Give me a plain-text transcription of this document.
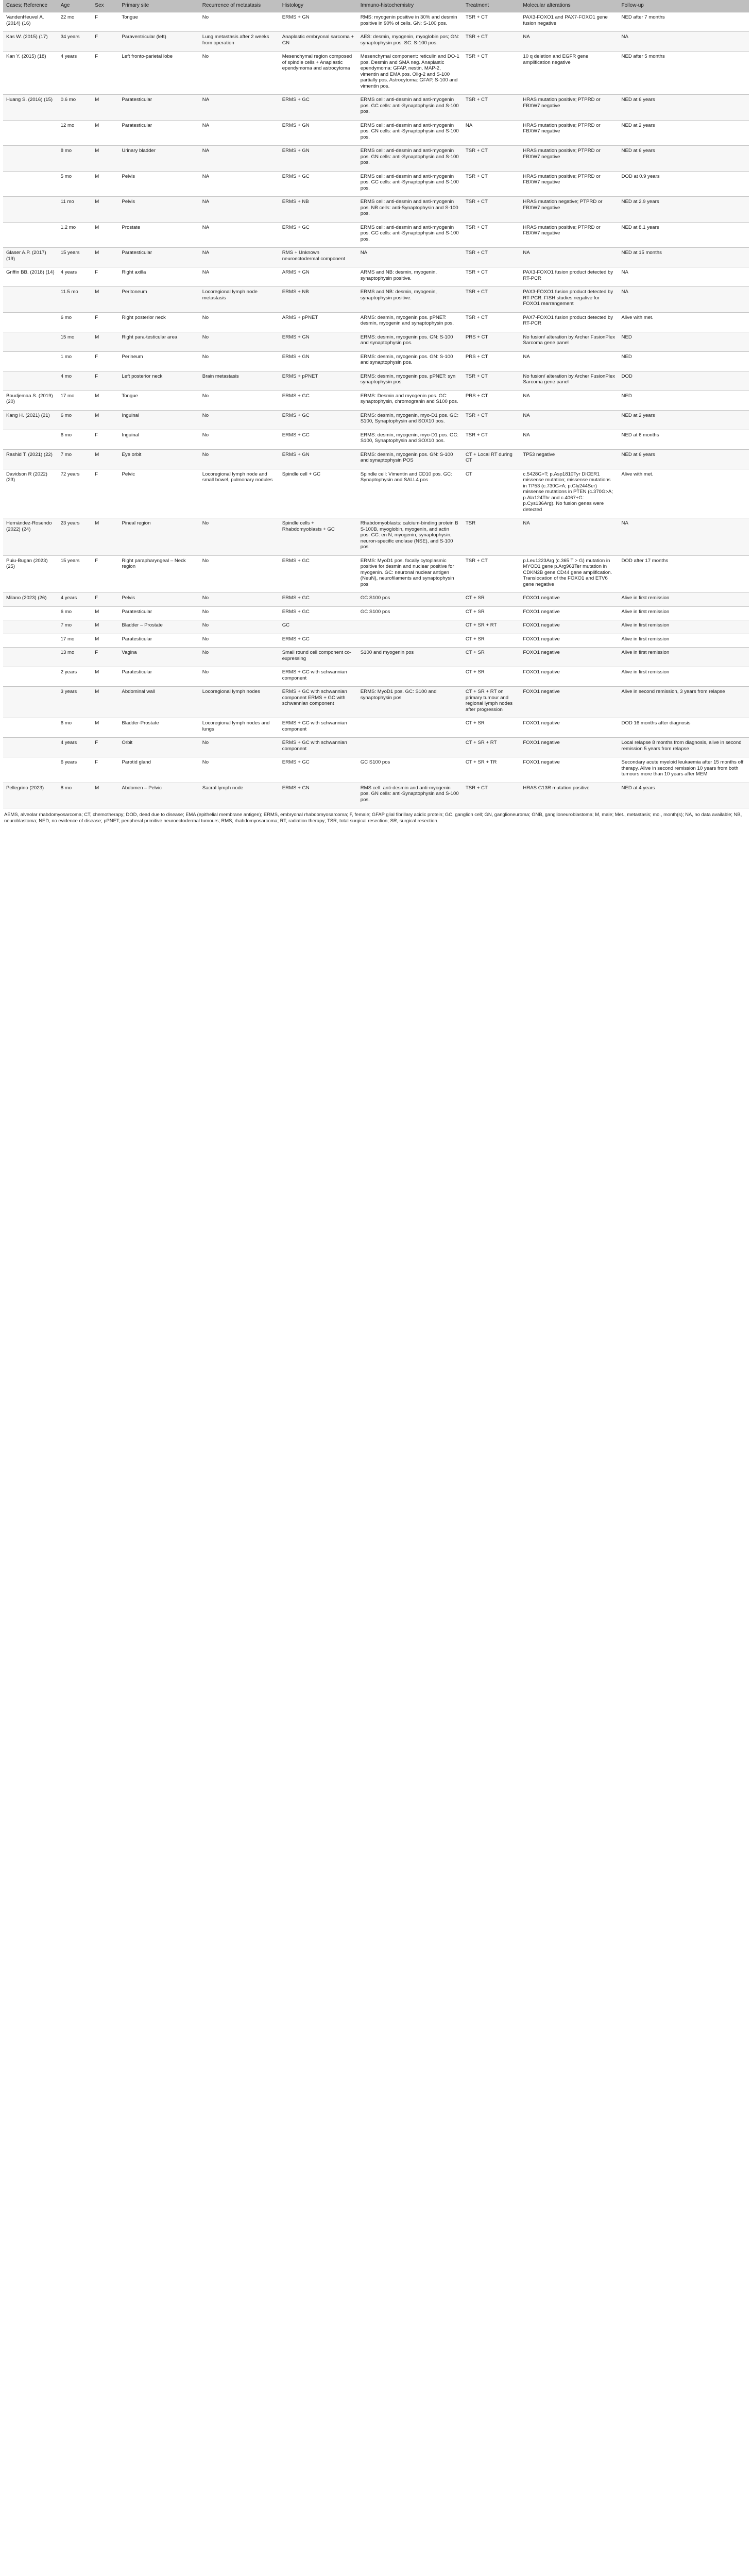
Cases; Reference	Age	Sex	Primary site	Recurrence of metastasis	Histology	Immuno-histochemistry	Treatment	Molecular alterations	Follow-up
VandenHeuvel A. (2014) (16)	22 mo	F	Tongue	No	ERMS + GN	RMS: myogenin positive in 30% and desmin positive in 90% of cells. GN: S-100 pos.	TSR + CT	PAX3-FOXO1 and PAX7-FOXO1 gene fusion negative	NED after 7 months
Kas W. (2015) (17)	34 years	F	Paraventricular (left)	Lung metastasis after 2 weeks from operation	Anaplastic embryonal sarcoma + GN	AES: desmin, myogenin, myoglobin pos; GN: synaptophysin pos. SC: S-100 pos.	TSR + CT	NA	NA
Kan Y. (2015) (18)	4 years	F	Left fronto-parietal lobe	No	Mesenchymal region composed of spindle cells + Anaplastic ependymoma and astrocytoma	Mesenchymal component: reticulin and DO-1 pos. Desmin and SMA neg. Anaplastic ependymoma: GFAP, nestin, MAP-2, vimentin and EMA pos. Olig-2 and S-100 partially pos. Astrocytoma: GFAP, S-100 and vimentin pos.	TSR + CT	10 q deletion and EGFR gene amplification negative	NED after 5 months
Huang S. (2016) (15)	0.6 mo	M	Paratesticular	NA	ERMS + GC	ERMS cell: anti-desmin and anti-myogenin pos. GC cells: anti-Synaptophysin and S-100 pos.	TSR + CT	HRAS mutation positive; PTPRD or FBXW7 negative	NED at 6 years
	12 mo	M	Paratesticular	NA	ERMS + GN	ERMS cell: anti-desmin and anti-myogenin pos. GN cells: anti-Synaptophysin and S-100 pos.	NA	HRAS mutation positive; PTPRD or FBXW7 negative	NED at 2 years
	8 mo	M	Urinary bladder	NA	ERMS + GN	ERMS cell: anti-desmin and anti-myogenin pos. GN cells: anti-Synaptophysin and S-100 pos.	TSR + CT	HRAS mutation positive; PTPRD or FBXW7 negative	NED at 6 years
	5 mo	M	Pelvis	NA	ERMS + GC	ERMS cell: anti-desmin and anti-myogenin pos. GC cells: anti-Synaptophysin and S-100 pos.	TSR + CT	HRAS mutation positive; PTPRD or FBXW7 negative	DOD at 0.9 years
	11 mo	M	Pelvis	NA	ERMS + NB	ERMS cell: anti-desmin and anti-myogenin pos. NB cells: anti-Synaptophysin and S-100 pos.	TSR + CT	HRAS mutation negative; PTPRD or FBXW7 negative	NED at 2.9 years
	1.2 mo	M	Prostate	NA	ERMS + GC	ERMS cell: anti-desmin and anti-myogenin pos. GC cells: anti-Synaptophysin and S-100 pos.	TSR + CT	HRAS mutation positive; PTPRD or FBXW7 negative	NED at 8.1 years
Glaser A.P. (2017) (19)	15 years	M	Paratesticular	NA	RMS + Unknown neuroectodermal component	NA	TSR + CT	NA	NED at 15 months
Griffin BB. (2018) (14)	4 years	F	Right axilla	NA	ARMS + GN	ARMS and NB: desmin, myogenin, synaptophysin positive.	TSR + CT	PAX3-FOXO1 fusion product detected by RT-PCR	NA
	11.5 mo	M	Peritoneum	Locoregional lymph node metastasis	ERMS + NB	ERMS and NB: desmin, myogenin, synaptophysin positive.	TSR + CT	PAX3-FOXO1 fusion product detected by RT-PCR. FISH studies negative for FOXO1 rearrangement	NA
	6 mo	F	Right posterior neck	No	ARMS + pPNET	ARMS: desmin, myogenin pos. pPNET: desmin, myogenin and synaptophysin pos.	TSR + CT	PAX7-FOXO1 fusion product detected by RT-PCR	Alive with met.
	15 mo	M	Right para-testicular area	No	ERMS + GN	ERMS: desmin, myogenin pos. GN: S-100 and synaptophysin pos.	PRS + CT	No fusion/ alteration by Archer FusionPlex Sarcoma gene panel	NED
	1 mo	F	Perineum	No	ERMS + GN	ERMS: desmin, myogenin pos. GN: S-100 and synaptophysin pos.	PRS + CT	NA	NED
	4 mo	F	Left posterior neck	Brain metastasis	ERMS + pPNET	ERMS: desmin, myogenin pos. pPNET: syn synaptophysin pos.	TSR + CT	No fusion/ alteration by Archer FusionPlex Sarcoma gene panel	DOD
Boudjemaa S. (2019) (20)	17 mo	M	Tongue	No	ERMS + GC	ERMS: Desmin and myogenin pos. GC: synaptophysin, chromogranin and S100 pos.	PRS + CT	NA	NED
Kang H. (2021) (21)	6 mo	M	Inguinal	No	ERMS + GC	ERMS: desmin, myogenin, myo-D1 pos. GC: S100, Synaptophysin and SOX10 pos.	TSR + CT	NA	NED at 2 years
	6 mo	F	Inguinal	No	ERMS + GC	ERMS: desmin, myogenin, myo-D1 pos. GC: S100, Synaptophysin and SOX10 pos.	TSR + CT	NA	NED at 6 months
Rashid T. (2021) (22)	7 mo	M	Eye orbit	No	ERMS + GN	ERMS: desmin, myogenin pos. GN: S-100 and synaptophysin POS	CT + Local RT during CT	TP53 negative	NED at 6 years
Davidson R (2022) (23)	72 years	F	Pelvic	Locoregional lymph node and small bowel, pulmonary nodules	Spindle cell + GC	Spindle cell: Vimentin and CD10 pos. GC: Synaptophysin and SALL4 pos	CT	c.5428G>T; p.Asp1810Tyr DICER1 missense mutation; missense mutations in TP53 (c.730G>A; p.Gly244Ser) missense mutations in PTEN (c.370G>A; p.Ala124Thr and c.4067+G: p.Cys136Arg). No fusion genes were detected	Alive with met.
Hernández-Rosendo (2022) (24)	23 years	M	Pineal region	No	Spindle cells + Rhabdomyoblasts + GC	Rhabdomyoblasts: calcium-binding protein B S-100B, myoglobin, myogenin, and actin pos. GC: en N, myogenin, synaptophysin, neuron-specific enolase (NSE), and S-100 pos	TSR	NA	NA
Puiu-Bugan (2023) (25)	15 years	F	Right parapharyngeal – Neck region	No	ERMS + GC	ERMS: MyoD1 pos. focally cytoplasmic positive for desmin and nuclear positive for myogenin. GC: neuronal nuclear antigen (NeuN), neurofilaments and synaptophysin pos	TSR + CT	p.Leu1223Arg (c.365 T > G) mutation in MYOD1 gene p.Arg963Ter mutation in CDKN2B gene CD44 gene amplification. Translocation of the FOXO1 and ETV6 gene negative	DOD after 17 months
Milano (2023) (26)	4 years	F	Pelvis	No	ERMS + GC	GC S100 pos	CT + SR	FOXO1 negative	Alive in first remission
	6 mo	M	Paratesticular	No	ERMS + GC	GC S100 pos	CT + SR	FOXO1 negative	Alive in first remission
	7 mo	M	Bladder – Prostate	No	GC		CT + SR + RT	FOXO1 negative	Alive in first remission
	17 mo	M	Paratesticular	No	ERMS + GC		CT + SR	FOXO1 negative	Alive in first remission
	13 mo	F	Vagina	No	Small round cell component co-expressing	S100 and myogenin pos	CT + SR	FOXO1 negative	Alive in first remission
	2 years	M	Paratesticular	No	ERMS + GC with schwannian component		CT + SR	FOXO1 negative	Alive in first remission
	3 years	M	Abdominal wall	Locoregional lymph nodes	ERMS + GC with schwannian component ERMS + GC with schwannian component	ERMS: MyoD1 pos. GC: S100 and synaptophysin pos	CT + SR + RT on primary tumour and regional lymph nodes after progression	FOXO1 negative	Alive in second remission, 3 years from relapse
	6 mo	M	Bladder-Prostate	Locoregional lymph nodes and lungs	ERMS + GC with schwannian component		CT + SR	FOXO1 negative	DOD 16 months after diagnosis
	4 years	F	Orbit	No	ERMS + GC with schwannian component		CT + SR + RT	FOXO1 negative	Local relapse 8 months from diagnosis, alive in second remission 5 years from relapse
	6 years	F	Parotid gland	No	ERMS + GC	GC S100 pos	CT + SR + TR	FOXO1 negative	Secondary acute myeloid leukaemia after 15 months off therapy. Alive in second remission 10 years from both tumours more than 10 years after MEM
Pellegrino (2023)	8 mo	M	Abdomen – Pelvic	Sacral lymph node	ERMS + GN	RMS cell: anti-desmin and anti-myogenin pos. GN cells: anti-Synaptophysin and S-100 pos.	TSR + CT	HRAS G13R mutation positive	NED at 4 years
AEMS, alveolar rhabdomyosarcoma; CT, chemotherapy; DOD, dead due to disease; EMA (epithelial membrane antigen); ERMS, embryonal rhabdomyosarcoma; F, female; GFAP glial fibrillary acidic protein; GC, ganglion cell; GN, ganglioneuroma; GNB, ganglioneuroblastoma; M, male; Met., metastasis; mo., month(s); NA, no data available; NB, neuroblastoma; NED, no evidence of disease; pPNET, peripheral primitive neuroectodermal tumours; RMS, rhabdomyosarcoma; RT, radiation therapy; TSR, total surgical resection; SR, surgical resection.
